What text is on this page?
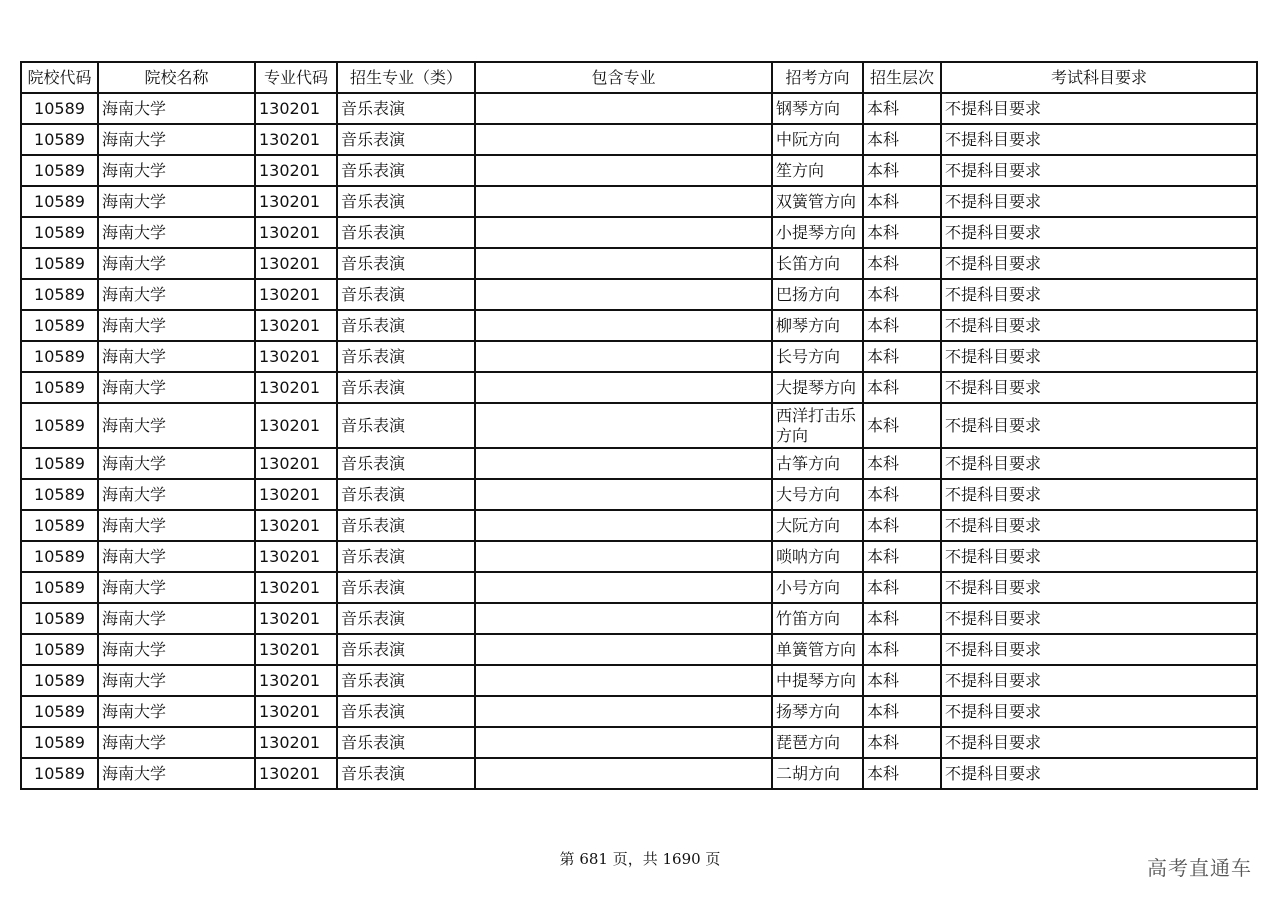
院校代码	院校名称	专业代码	招生专业（类）	包含专业	招考方向	招生层次	考试科目要求
10589	海南大学	130201	音乐表演		钢琴方向	本科	不提科目要求
10589	海南大学	130201	音乐表演		中阮方向	本科	不提科目要求
10589	海南大学	130201	音乐表演		笙方向	本科	不提科目要求
10589	海南大学	130201	音乐表演		双簧管方向	本科	不提科目要求
10589	海南大学	130201	音乐表演		小提琴方向	本科	不提科目要求
10589	海南大学	130201	音乐表演		长笛方向	本科	不提科目要求
10589	海南大学	130201	音乐表演		巴扬方向	本科	不提科目要求
10589	海南大学	130201	音乐表演		柳琴方向	本科	不提科目要求
10589	海南大学	130201	音乐表演		长号方向	本科	不提科目要求
10589	海南大学	130201	音乐表演		大提琴方向	本科	不提科目要求
10589	海南大学	130201	音乐表演		西洋打击乐方向	本科	不提科目要求
10589	海南大学	130201	音乐表演		古筝方向	本科	不提科目要求
10589	海南大学	130201	音乐表演		大号方向	本科	不提科目要求
10589	海南大学	130201	音乐表演		大阮方向	本科	不提科目要求
10589	海南大学	130201	音乐表演		唢呐方向	本科	不提科目要求
10589	海南大学	130201	音乐表演		小号方向	本科	不提科目要求
10589	海南大学	130201	音乐表演		竹笛方向	本科	不提科目要求
10589	海南大学	130201	音乐表演		单簧管方向	本科	不提科目要求
10589	海南大学	130201	音乐表演		中提琴方向	本科	不提科目要求
10589	海南大学	130201	音乐表演		扬琴方向	本科	不提科目要求
10589	海南大学	130201	音乐表演		琵琶方向	本科	不提科目要求
10589	海南大学	130201	音乐表演		二胡方向	本科	不提科目要求
第 681 页，共 1690 页	高考直通车
